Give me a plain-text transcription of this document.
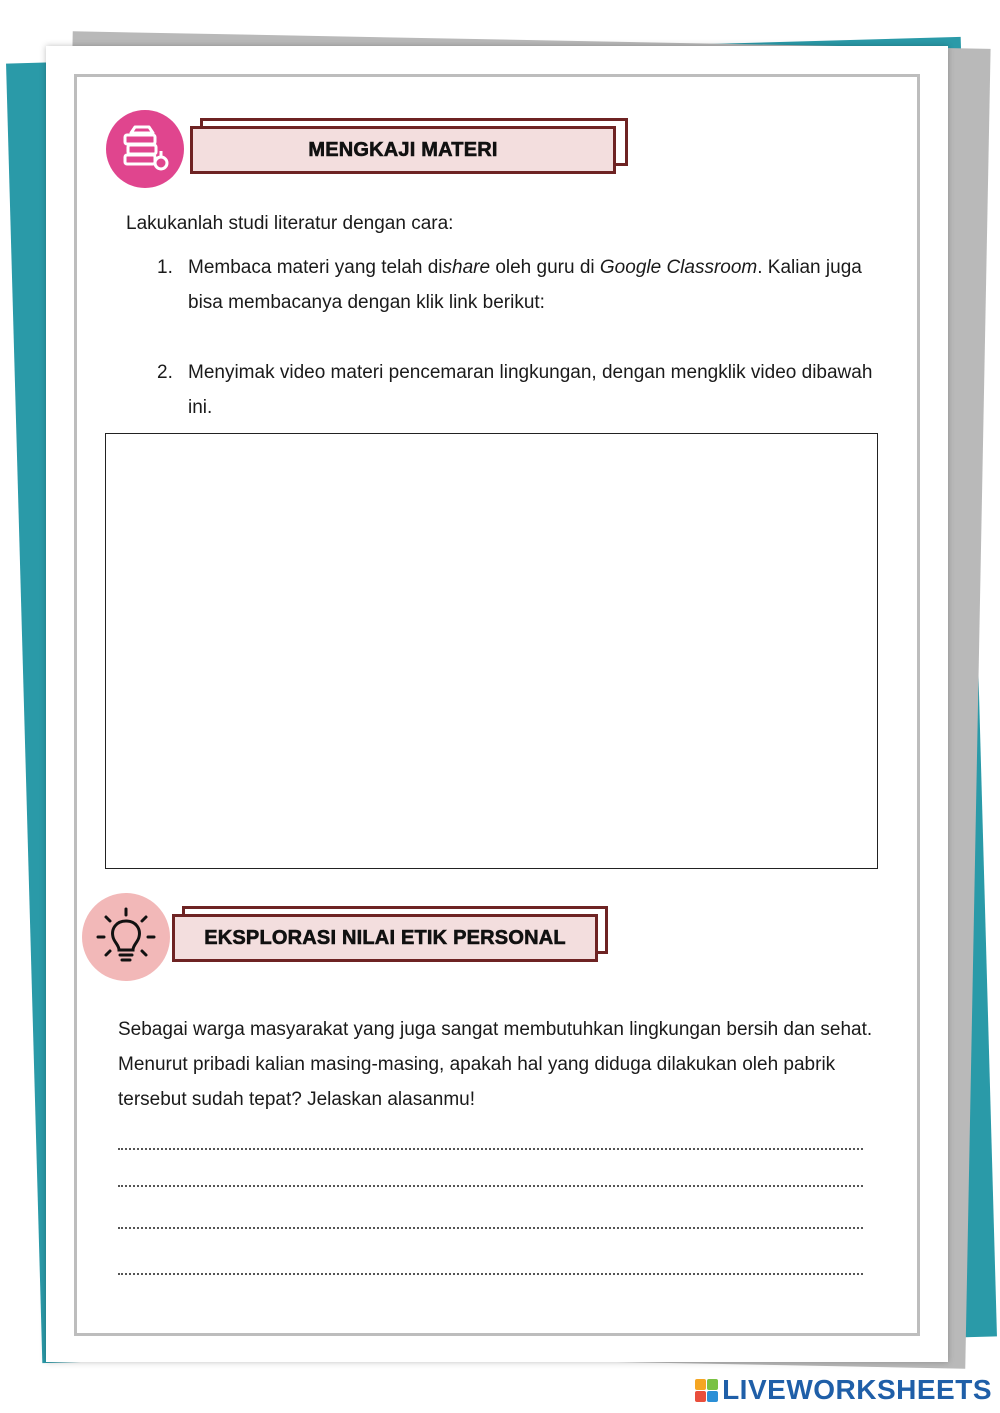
MENGKAJI MATERI
Lakukanlah studi literatur dengan cara:
1. Membaca materi yang telah dishare oleh guru di Google Classroom. Kalian juga bisa membacanya dengan klik link berikut:
2. Menyimak video materi pencemaran lingkungan, dengan mengklik video dibawah ini.
EKSPLORASI NILAI ETIK PERSONAL
Sebagai warga masyarakat yang juga sangat membutuhkan lingkungan bersih dan sehat. Menurut pribadi kalian masing-masing, apakah hal yang diduga dilakukan oleh pabrik tersebut sudah tepat? Jelaskan alasanmu!
LIVEWORKSHEETS
